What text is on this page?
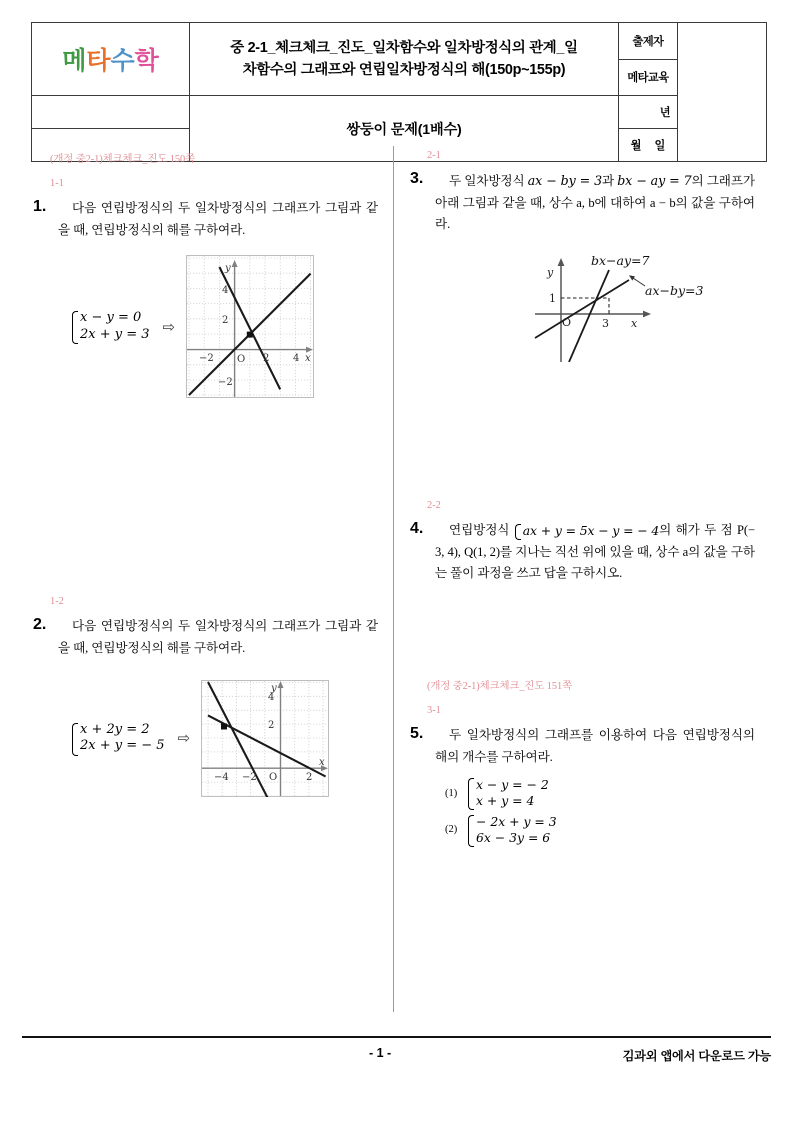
메타수학	중 2-1_체크체크_진도_일차함수와 일차방정식의 관계_일
차함수의 그래프와 연립일차방정식의 해(150p~155p)	출제자	
		메타교육	
	쌍둥이 문제(1배수)	년	
		월 일	
(개정 중2-1)체크체크_진도 150쪽
1-1
1.	다음 연립방정식의 두 일차방정식의 그래프가 그림과 같을 때, 연립방정식의 해를 구하여라.
x − y = 0
2x + y = 3 ⇨
−2 O 2 4
4
2
−2
x
y
1-2
2.	다음 연립방정식의 두 일차방정식의 그래프가 그림과 같을 때, 연립방정식의 해를 구하여라.
x + 2y = 2
2x + y = − 5 ⇨
−4 −2 O	2
2
4
x
y
2-1
3.	두 일차방정식 ax − by = 3과 bx − ay = 7의 그래프가 아래 그림과 같을 때, 상수 a, b에 대하여 a − b의 값을 구하여라.
O	3
1
y
x
bx−ay=7
ax−by=3
2-2
4.	연립방정식 ax + y = 5x − y = − 4의 해가 두 점 P(− 3, 4), Q(1, 2)를 지나는 직선 위에 있을 때, 상수 a의 값을 구하는 풀이 과정을 쓰고 답을 구하시오.
(개정 중2-1)체크체크_진도 151쪽
3-1
5.	두 일차방정식의 그래프를 이용하여 다음 연립방정식의 해의 개수를 구하여라.
(1)
x − y = − 2
x + y = 4
(2)
− 2x + y = 3
6x − 3y = 6
- 1 -	김과외 앱에서 다운로드 가능
